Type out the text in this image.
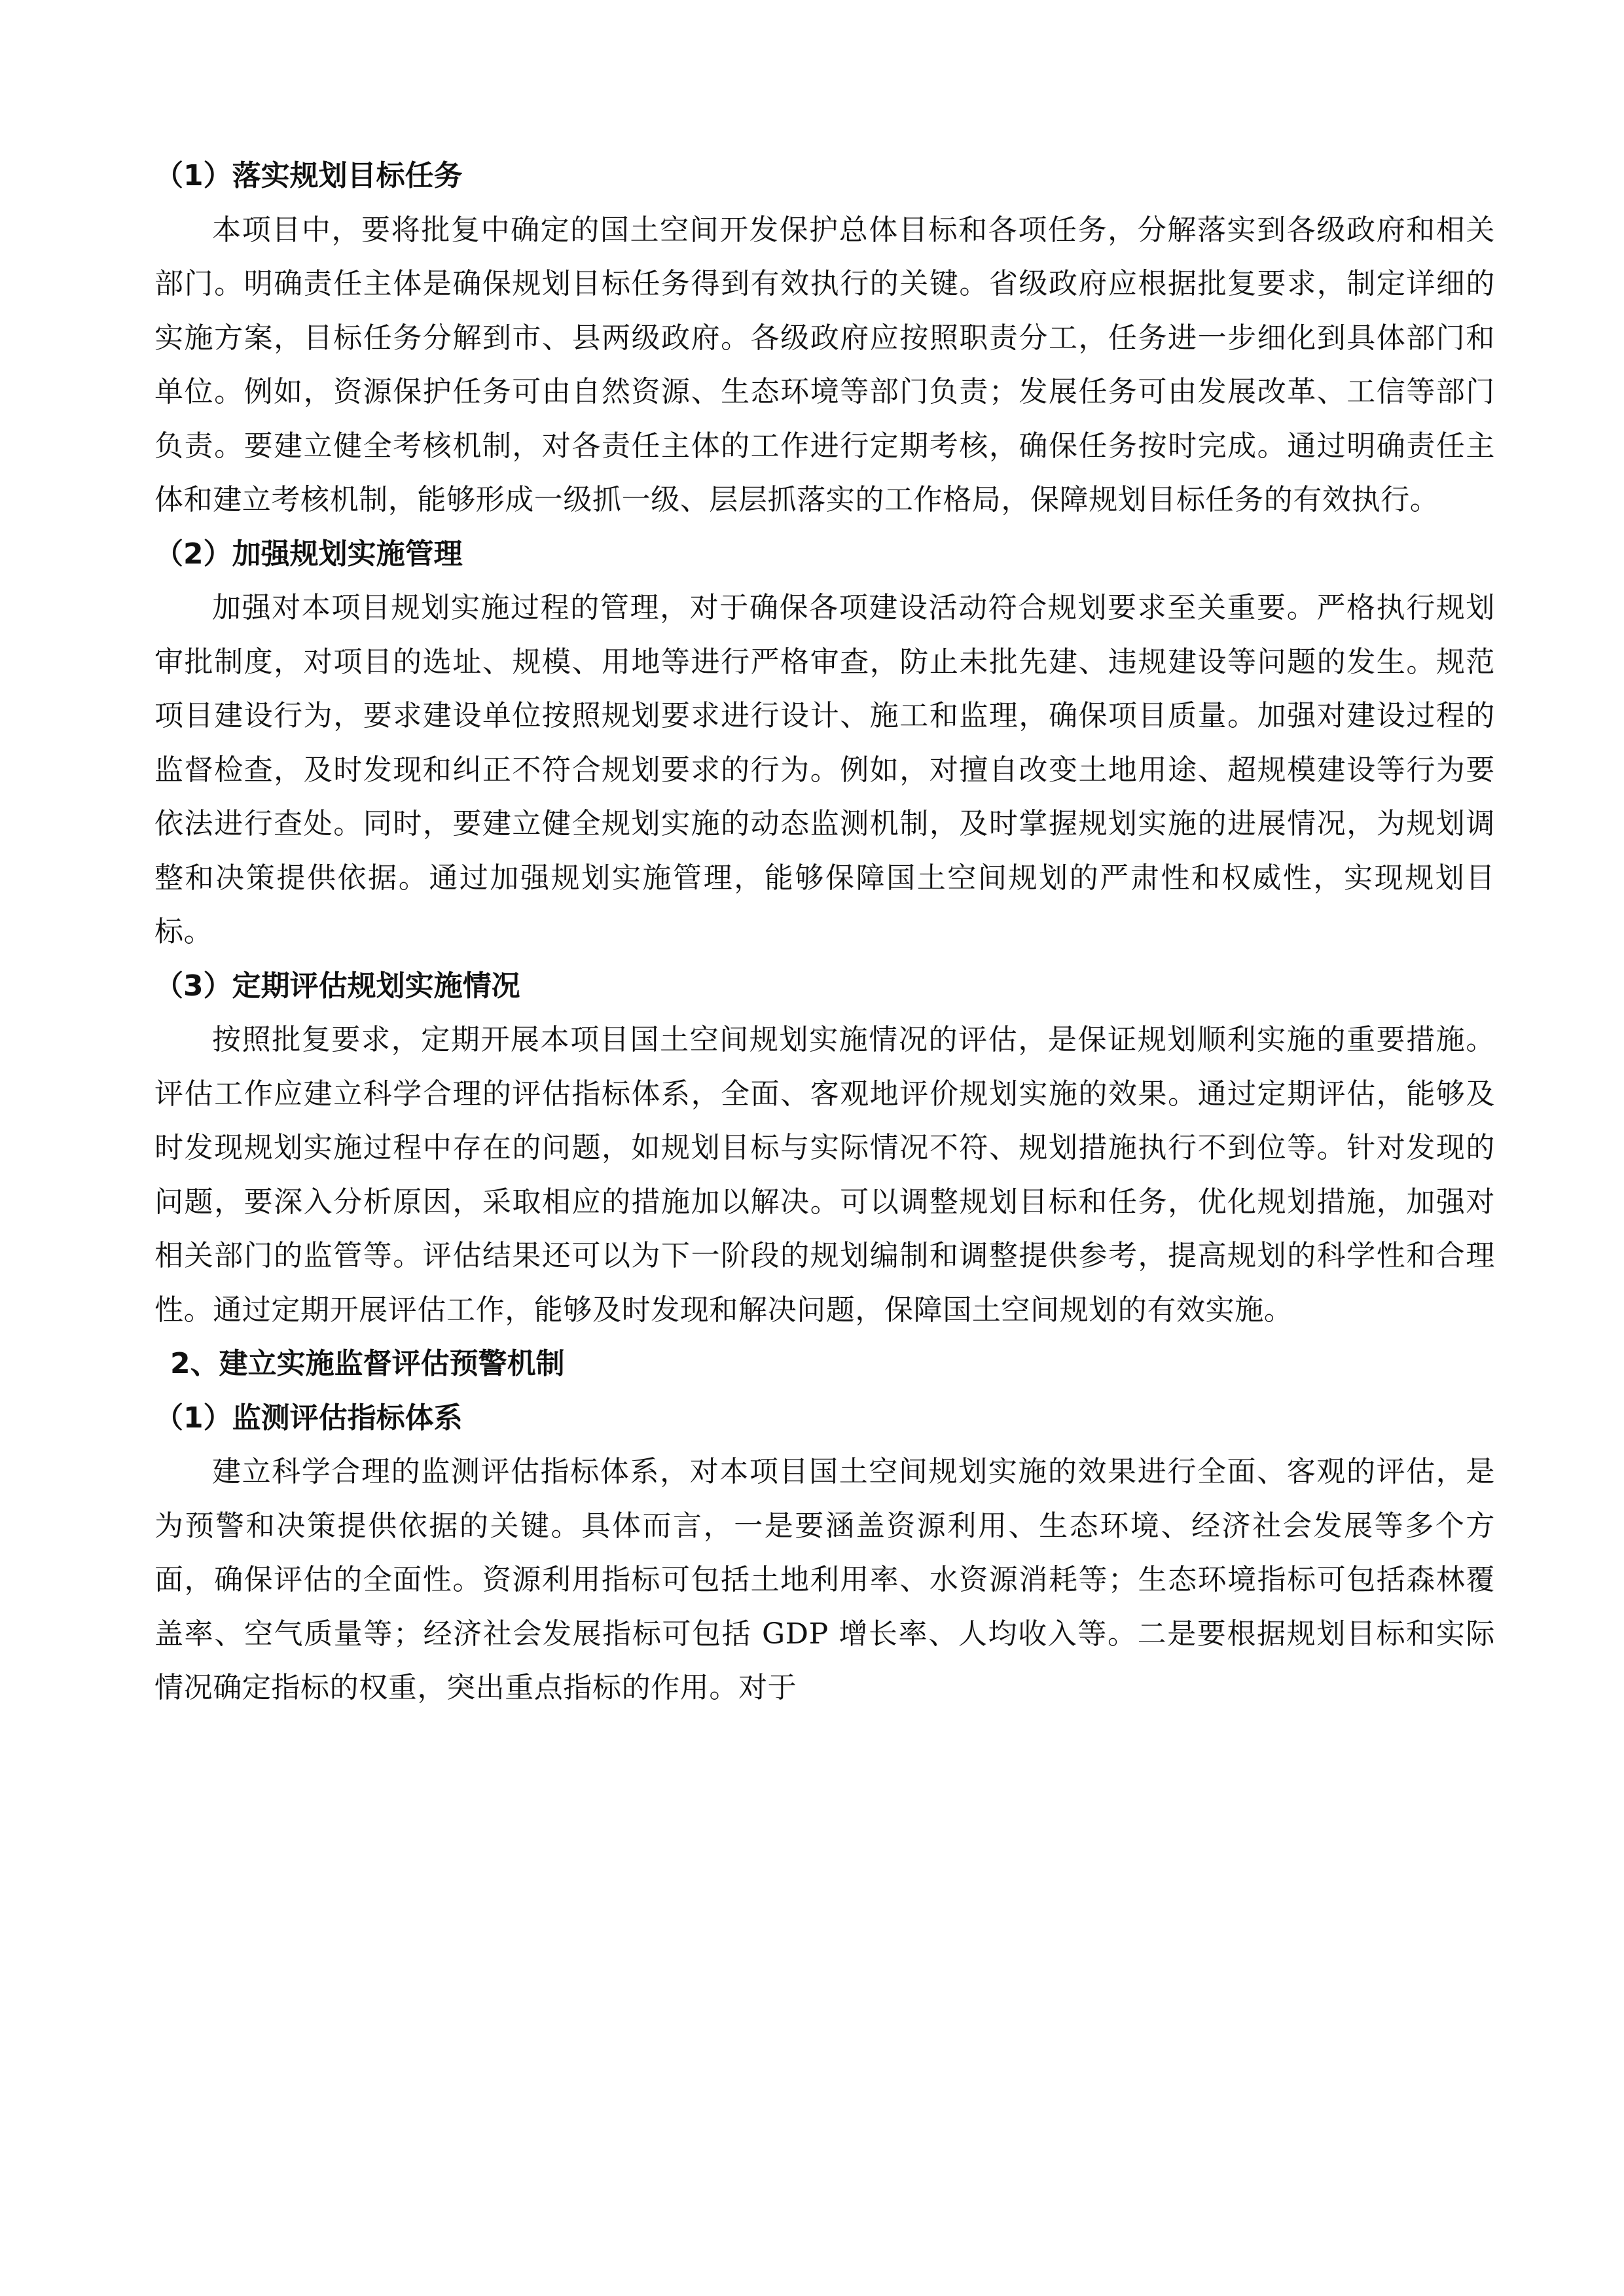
（1）落实规划目标任务

本项目中，要将批复中确定的国土空间开发保护总体目标和各项任务，分解落实到各级政府和相关部门。明确责任主体是确保规划目标任务得到有效执行的关键。省级政府应根据批复要求，制定详细的实施方案，目标任务分解到市、县两级政府。各级政府应按照职责分工，任务进一步细化到具体部门和单位。例如，资源保护任务可由自然资源、生态环境等部门负责；发展任务可由发展改革、工信等部门负责。要建立健全考核机制，对各责任主体的工作进行定期考核，确保任务按时完成。通过明确责任主体和建立考核机制，能够形成一级抓一级、层层抓落实的工作格局，保障规划目标任务的有效执行。

（2）加强规划实施管理

加强对本项目规划实施过程的管理，对于确保各项建设活动符合规划要求至关重要。严格执行规划审批制度，对项目的选址、规模、用地等进行严格审查，防止未批先建、违规建设等问题的发生。规范项目建设行为，要求建设单位按照规划要求进行设计、施工和监理，确保项目质量。加强对建设过程的监督检查，及时发现和纠正不符合规划要求的行为。例如，对擅自改变土地用途、超规模建设等行为要依法进行查处。同时，要建立健全规划实施的动态监测机制，及时掌握规划实施的进展情况，为规划调整和决策提供依据。通过加强规划实施管理，能够保障国土空间规划的严肃性和权威性，实现规划目标。

（3）定期评估规划实施情况

按照批复要求，定期开展本项目国土空间规划实施情况的评估，是保证规划顺利实施的重要措施。评估工作应建立科学合理的评估指标体系，全面、客观地评价规划实施的效果。通过定期评估，能够及时发现规划实施过程中存在的问题，如规划目标与实际情况不符、规划措施执行不到位等。针对发现的问题，要深入分析原因，采取相应的措施加以解决。可以调整规划目标和任务，优化规划措施，加强对相关部门的监管等。评估结果还可以为下一阶段的规划编制和调整提供参考，提高规划的科学性和合理性。通过定期开展评估工作，能够及时发现和解决问题，保障国土空间规划的有效实施。

2、建立实施监督评估预警机制
（1）监测评估指标体系

建立科学合理的监测评估指标体系，对本项目国土空间规划实施的效果进行全面、客观的评估，是为预警和决策提供依据的关键。具体而言，一是要涵盖资源利用、生态环境、经济社会发展等多个方面，确保评估的全面性。资源利用指标可包括土地利用率、水资源消耗等；生态环境指标可包括森林覆盖率、空气质量等；经济社会发展指标可包括 GDP 增长率、人均收入等。二是要根据规划目标和实际情况确定指标的权重，突出重点指标的作用。对于
